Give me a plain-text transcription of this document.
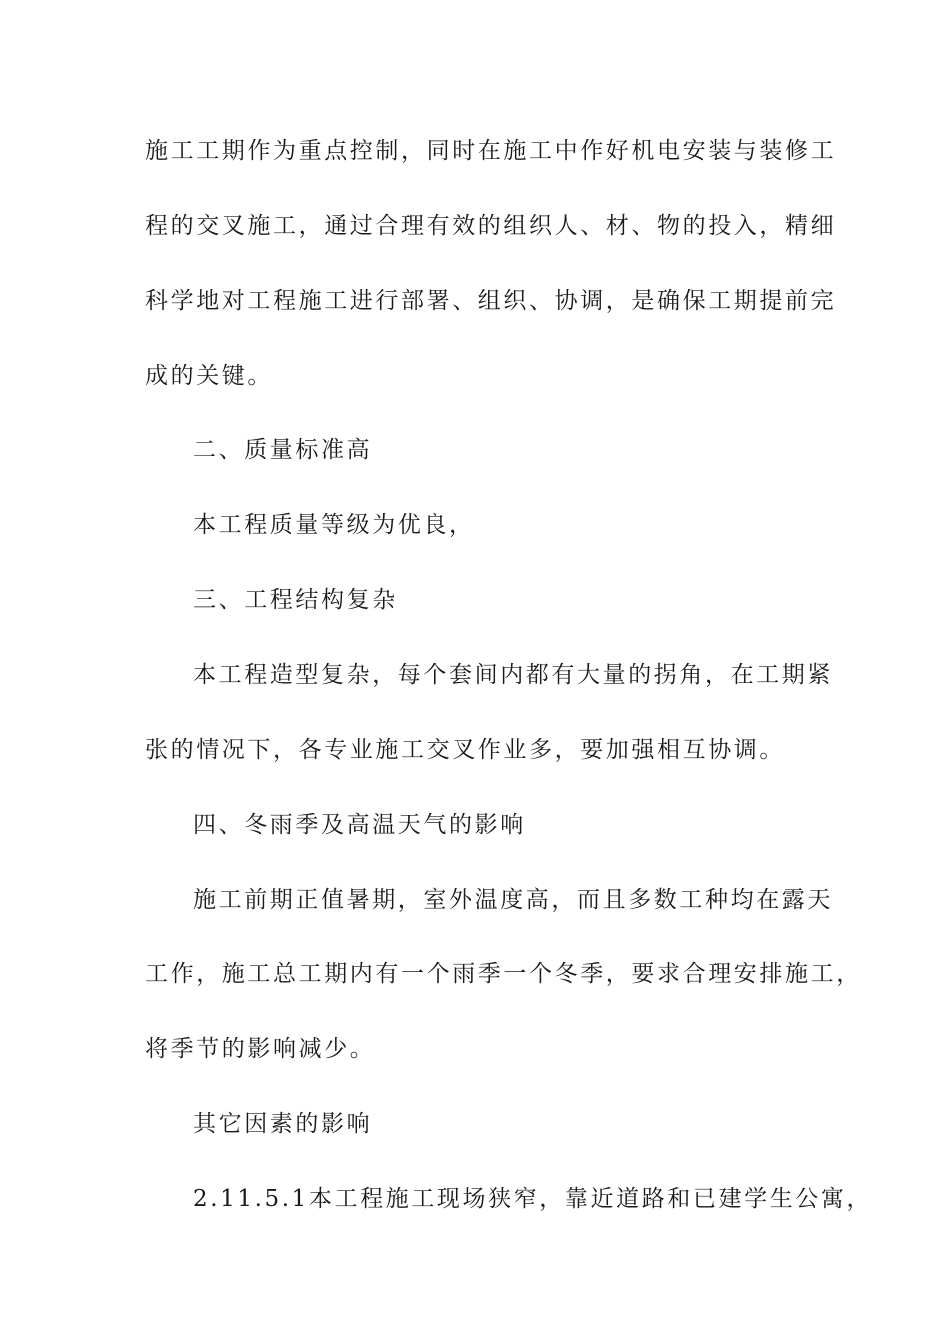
施工工期作为重点控制，同时在施工中作好机电安装与装修工
程的交叉施工，通过合理有效的组织人、材、物的投入，精细
科学地对工程施工进行部署、组织、协调，是确保工期提前完
成的关键。
二、质量标准高
本工程质量等级为优良，
三、工程结构复杂
本工程造型复杂，每个套间内都有大量的拐角，在工期紧
张的情况下，各专业施工交叉作业多，要加强相互协调。
四、冬雨季及高温天气的影响
施工前期正值暑期，室外温度高，而且多数工种均在露天
工作，施工总工期内有一个雨季一个冬季，要求合理安排施工，
将季节的影响减少。
其它因素的影响
2.11.5.1本工程施工现场狭窄，靠近道路和已建学生公寓，
